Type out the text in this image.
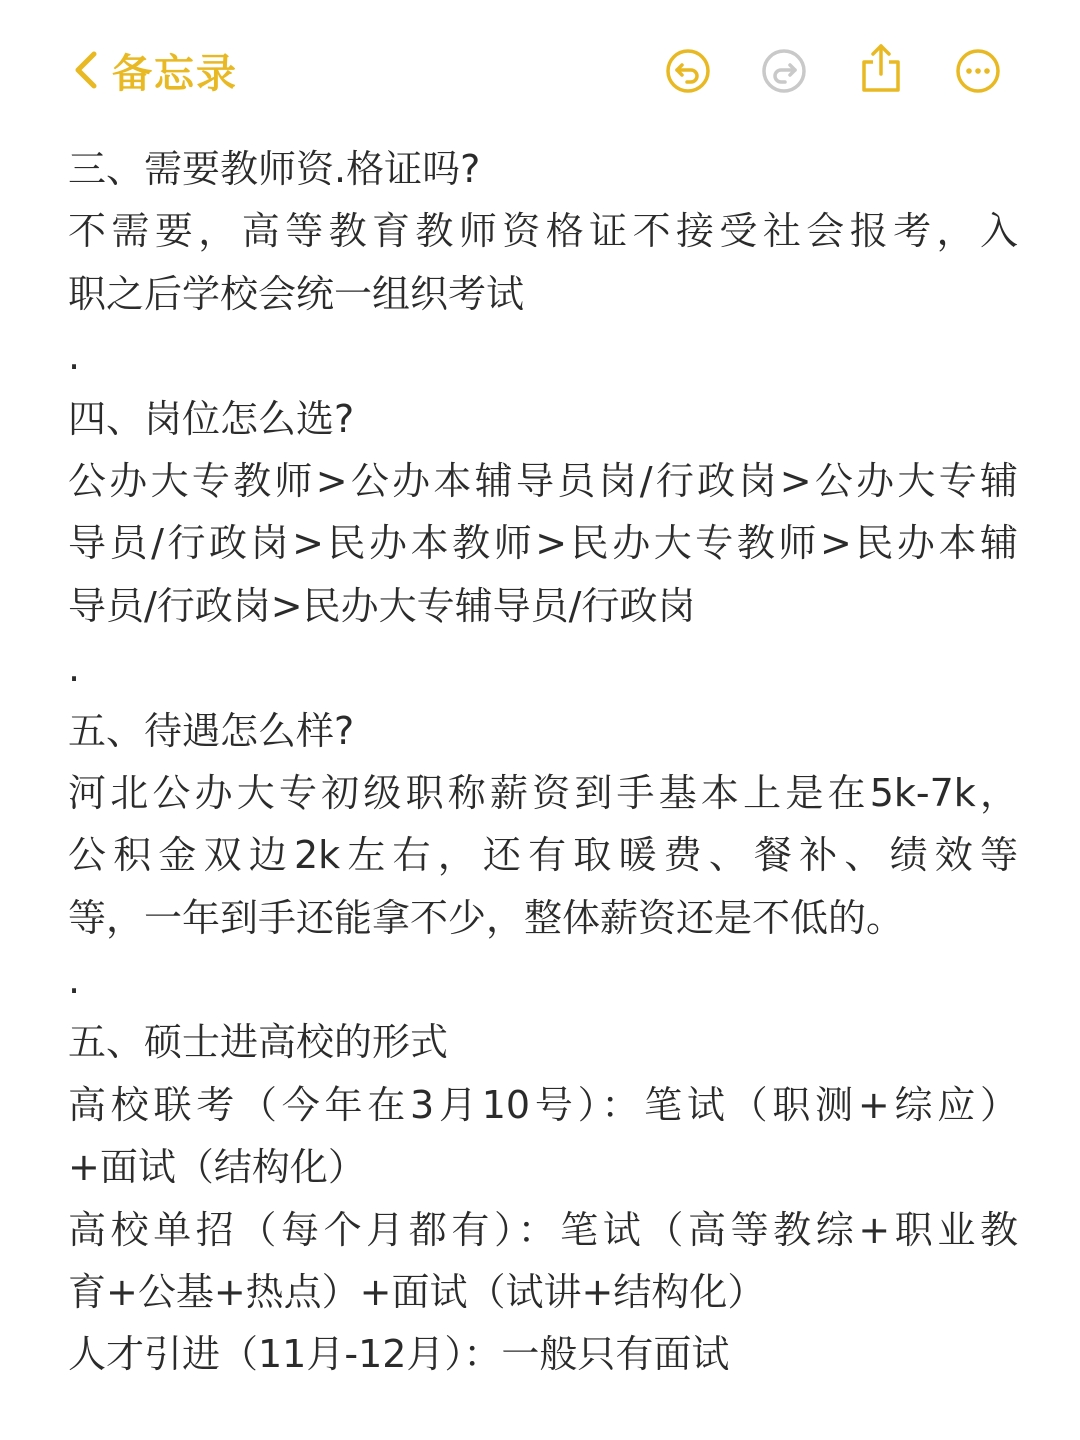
备忘录
三、需要教师资.格证吗?
不需要，高等教育教师资格证不接受社会报考，入
职之后学校会统一组织考试
.
四、岗位怎么选?
公办大专教师>公办本辅导员岗/行政岗>公办大专辅
导员/行政岗>民办本教师>民办大专教师>民办本辅
导员/行政岗>民办大专辅导员/行政岗
.
五、待遇怎么样?
河北公办大专初级职称薪资到手基本上是在5k-7k，
公积金双边2k左右，还有取暖费、餐补、绩效等
等，一年到手还能拿不少，整体薪资还是不低的。
.
五、硕士进高校的形式
高校联考（今年在3月10号）：笔试（职测+综应）
+面试（结构化）
高校单招（每个月都有）：笔试（高等教综+职业教
育+公基+热点）+面试（试讲+结构化）
人才引进（11月-12月）：一般只有面试
